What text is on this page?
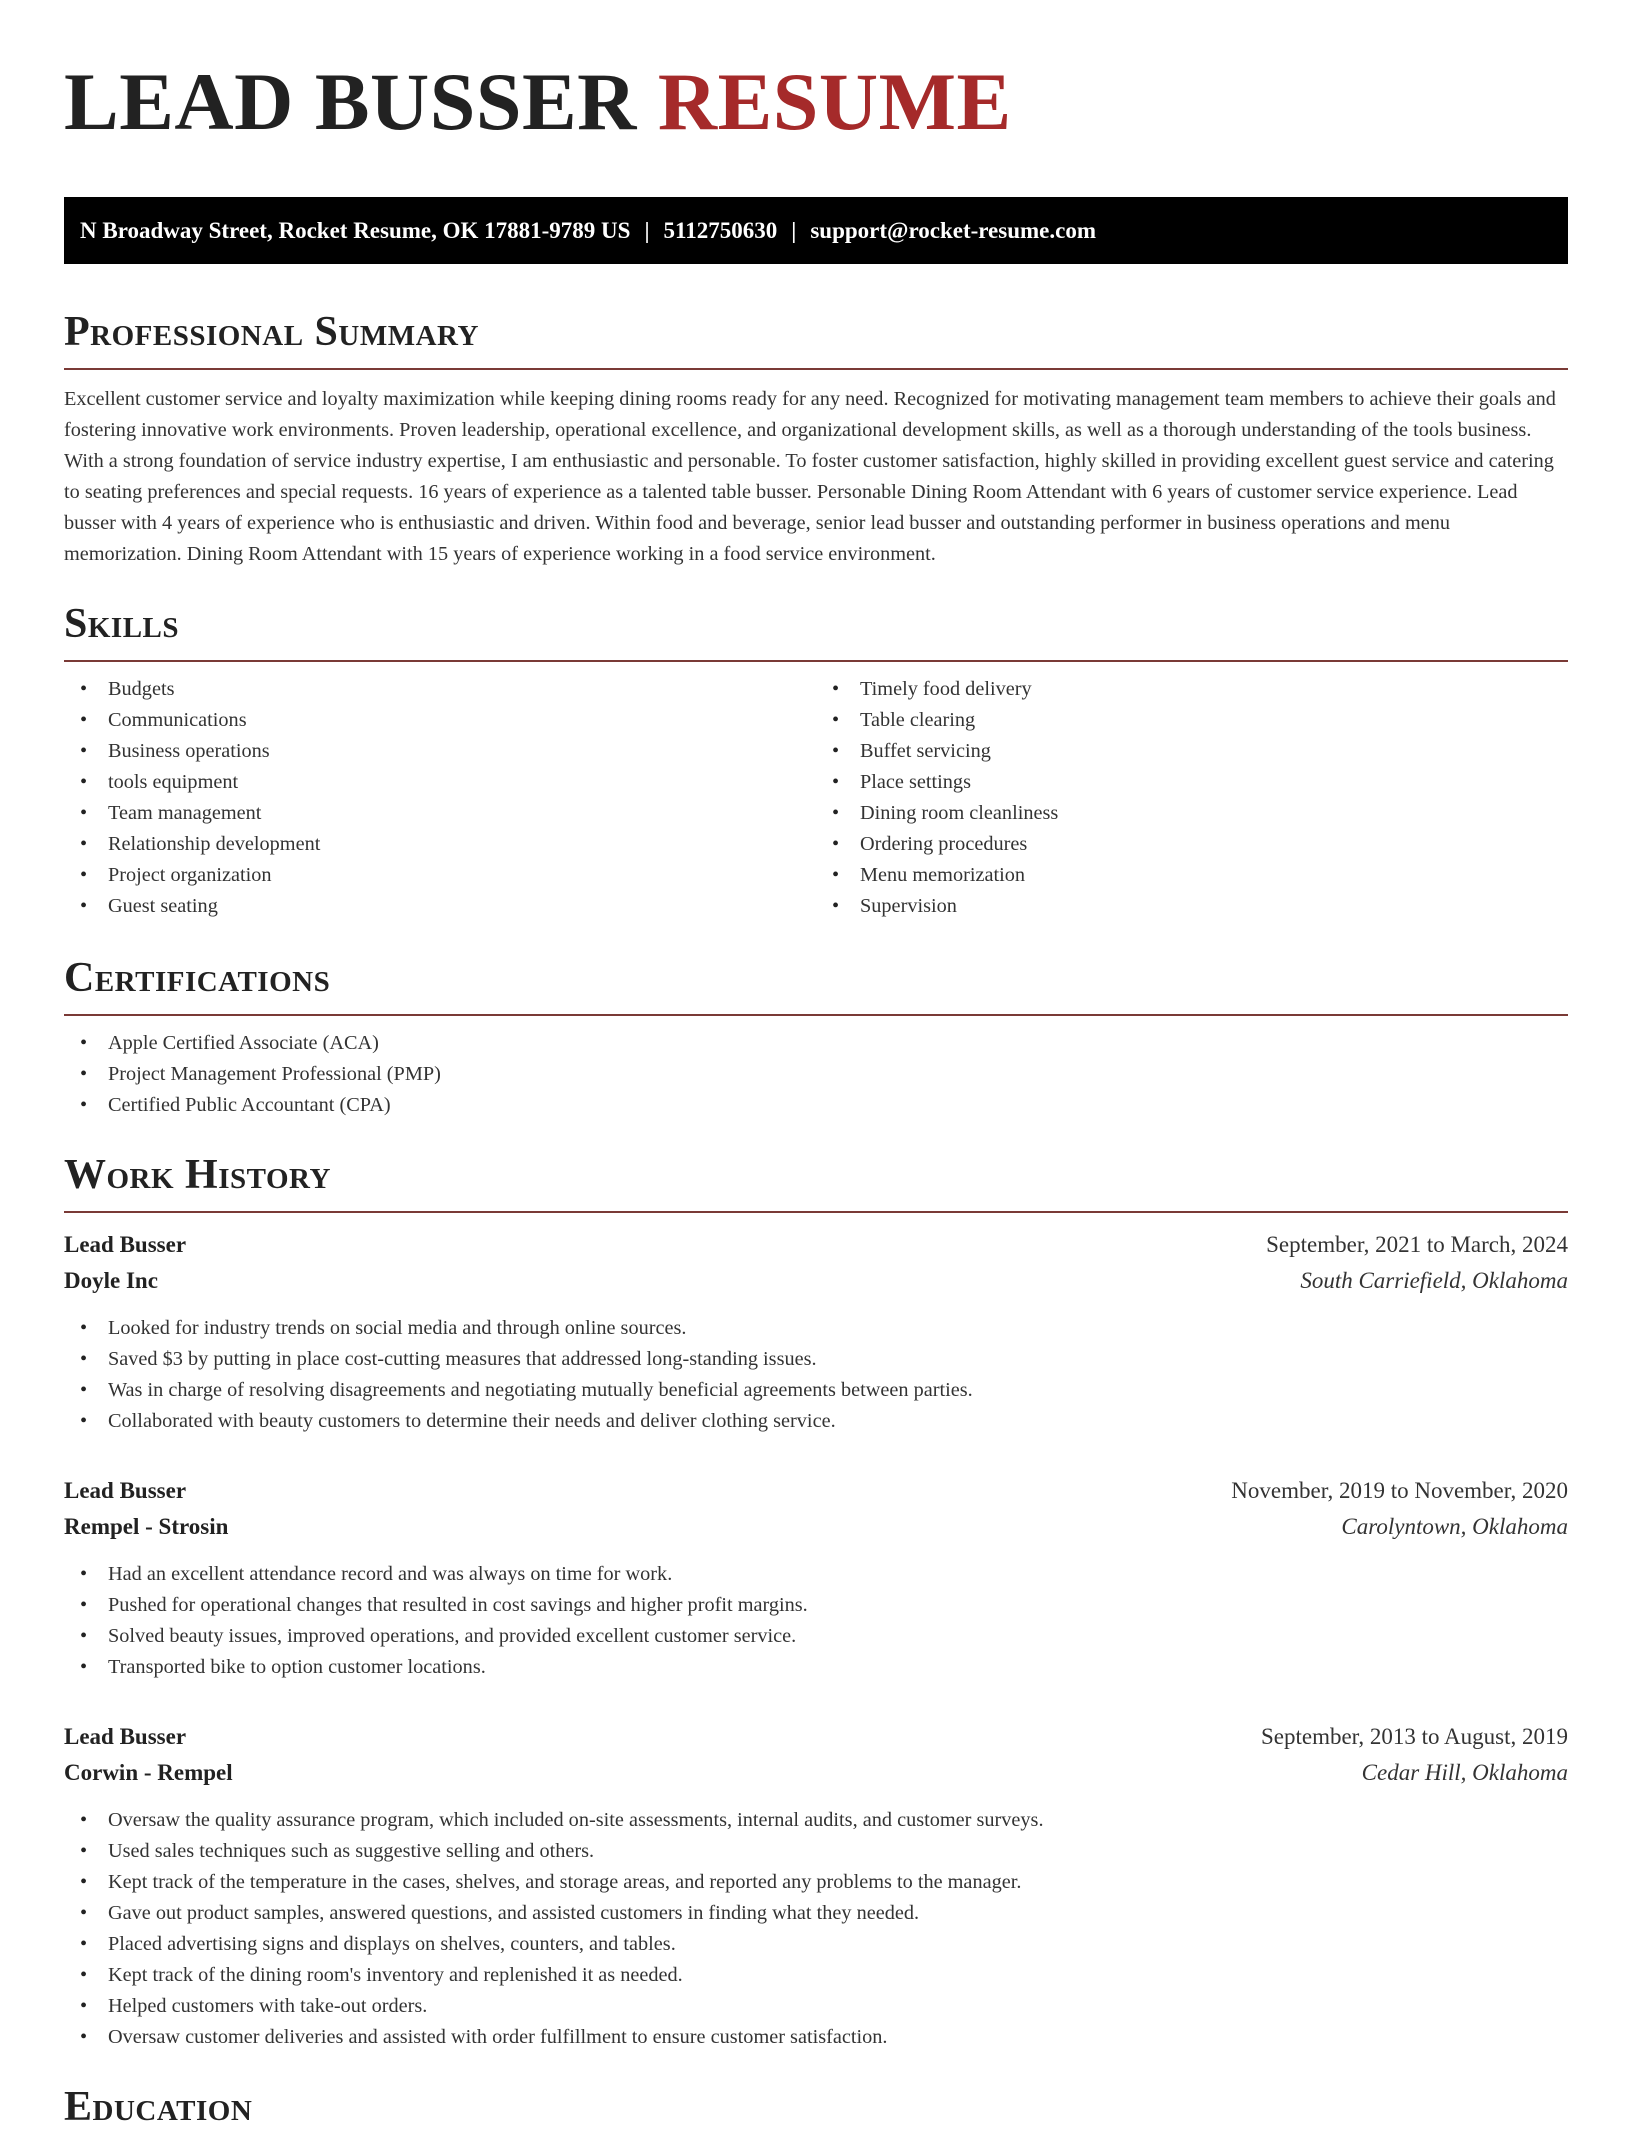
LEAD BUSSER RESUME
N Broadway Street, Rocket Resume, OK 17881-9789 US | 5112750630 | support@rocket-resume.com
Professional Summary

Excellent customer service and loyalty maximization while keeping dining rooms ready for any need. Recognized for motivating management team members to achieve their goals and fostering innovative work environments. Proven leadership, operational excellence, and organizational development skills, as well as a thorough understanding of the tools business. With a strong foundation of service industry expertise, I am enthusiastic and personable. To foster customer satisfaction, highly skilled in providing excellent guest service and catering to seating preferences and special requests. 16 years of experience as a talented table busser. Personable Dining Room Attendant with 6 years of customer service experience. Lead busser with 4 years of experience who is enthusiastic and driven. Within food and beverage, senior lead busser and outstanding performer in business operations and menu memorization. Dining Room Attendant with 15 years of experience working in a food service environment.

Skills
• Budgets
• Communications
• Business operations
• tools equipment
• Team management
• Relationship development
• Project organization
• Guest seating
• Timely food delivery
• Table clearing
• Buffet servicing
• Place settings
• Dining room cleanliness
• Ordering procedures
• Menu memorization
• Supervision
Certifications
• Apple Certified Associate (ACA)
• Project Management Professional (PMP)
• Certified Public Accountant (CPA)
Work History
Lead Busser	September, 2021 to March, 2024
Doyle Inc	South Carriefield, Oklahoma
• Looked for industry trends on social media and through online sources.
• Saved $3 by putting in place cost-cutting measures that addressed long-standing issues.
• Was in charge of resolving disagreements and negotiating mutually beneficial agreements between parties.
• Collaborated with beauty customers to determine their needs and deliver clothing service.
Lead Busser	November, 2019 to November, 2020
Rempel - Strosin	Carolyntown, Oklahoma
• Had an excellent attendance record and was always on time for work.
• Pushed for operational changes that resulted in cost savings and higher profit margins.
• Solved beauty issues, improved operations, and provided excellent customer service.
• Transported bike to option customer locations.
Lead Busser	September, 2013 to August, 2019
Corwin - Rempel	Cedar Hill, Oklahoma
• Oversaw the quality assurance program, which included on-site assessments, internal audits, and customer surveys.
• Used sales techniques such as suggestive selling and others.
• Kept track of the temperature in the cases, shelves, and storage areas, and reported any problems to the manager.
• Gave out product samples, answered questions, and assisted customers in finding what they needed.
• Placed advertising signs and displays on shelves, counters, and tables.
• Kept track of the dining room's inventory and replenished it as needed.
• Helped customers with take-out orders.
• Oversaw customer deliveries and assisted with order fulfillment to ensure customer satisfaction.
Education
